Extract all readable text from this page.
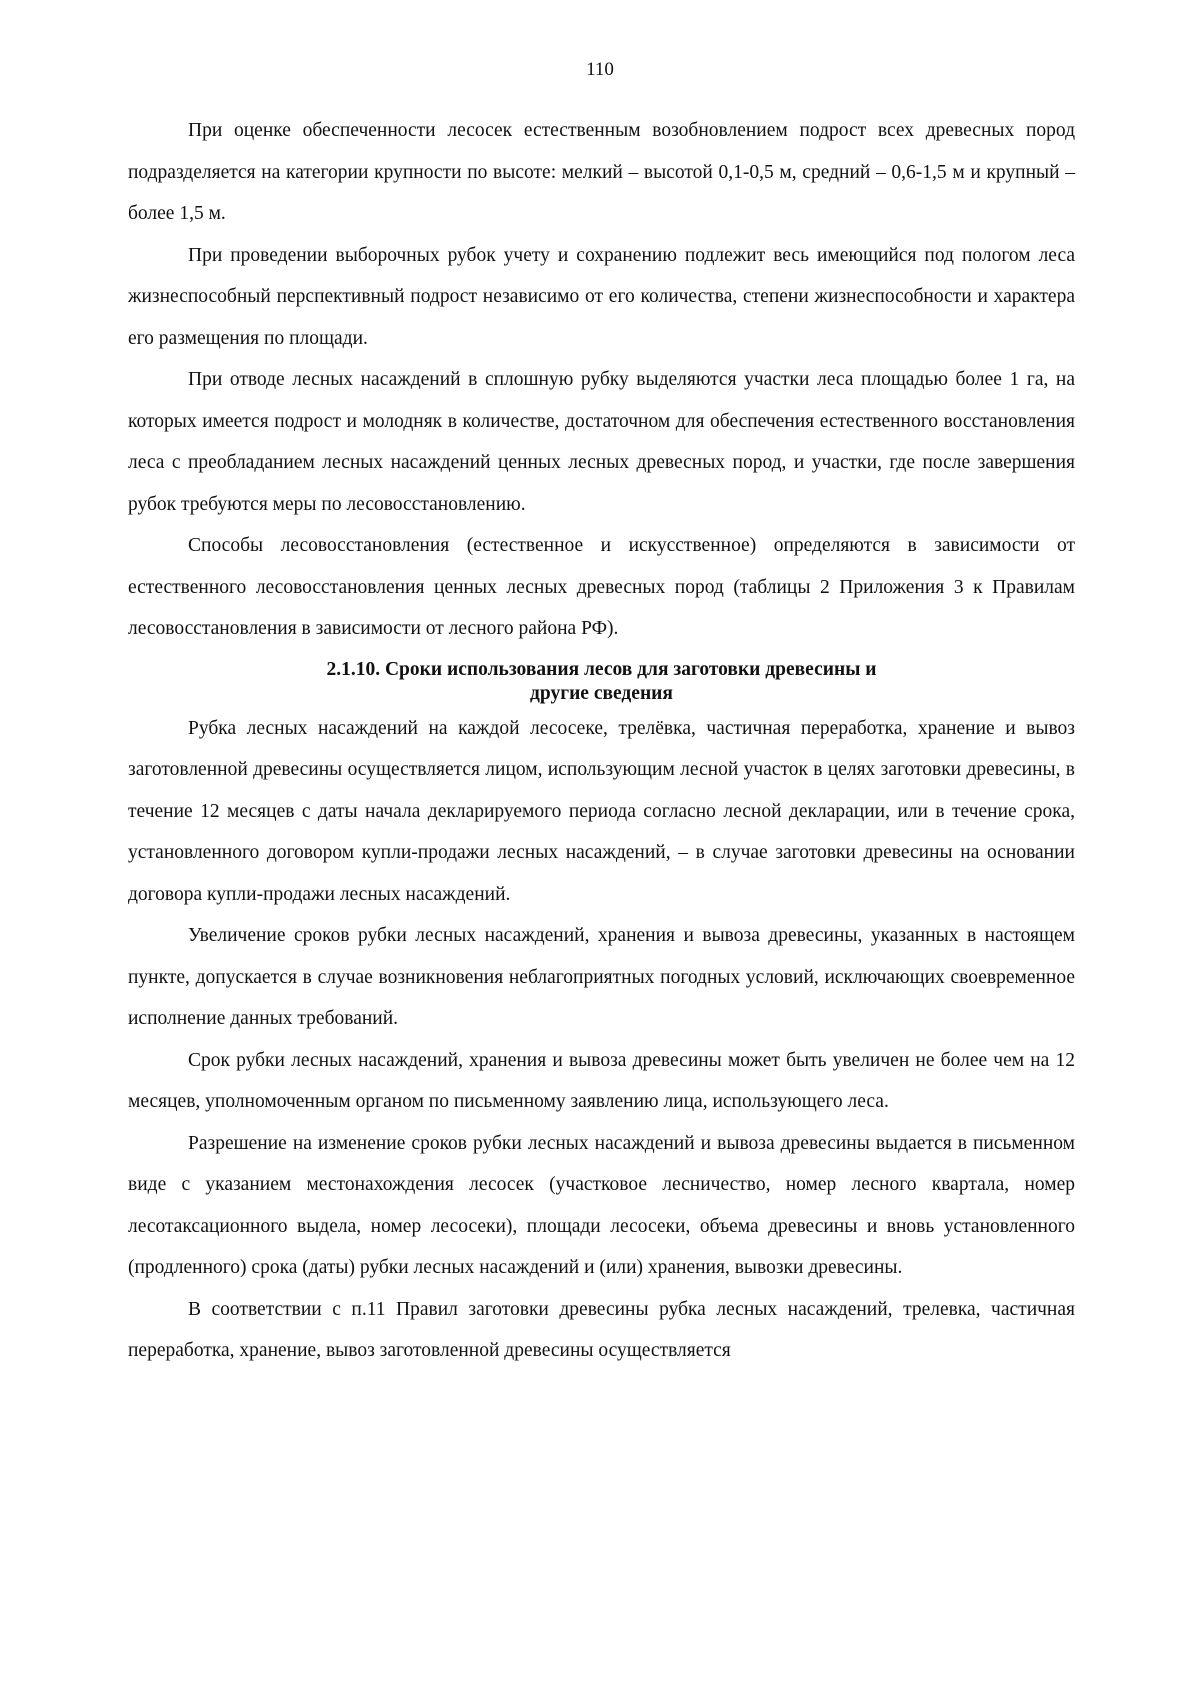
110

При оценке обеспеченности лесосек естественным возобновлением подрост всех древесных пород подразделяется на категории крупности по высоте: мелкий – высотой 0,1-0,5 м, средний – 0,6-1,5 м и крупный – более 1,5 м.

При проведении выборочных рубок учету и сохранению подлежит весь имеющийся под пологом леса жизнеспособный перспективный подрост независимо от его количества, степени жизнеспособности и характера его размещения по площади.

При отводе лесных насаждений в сплошную рубку выделяются участки леса площадью более 1 га, на которых имеется подрост и молодняк в количестве, достаточном для обеспечения естественного восстановления леса с преобладанием лесных насаждений ценных лесных древесных пород, и участки, где после завершения рубок требуются меры по лесовосстановлению.

Способы лесовосстановления (естественное и искусственное) определяются в зависимости от естественного лесовосстановления ценных лесных древесных пород (таблицы 2 Приложения 3 к Правилам лесовосстановления в зависимости от лесного района РФ).

2.1.10. Сроки использования лесов для заготовки древесины и
другие сведения

Рубка лесных насаждений на каждой лесосеке, трелёвка, частичная переработка, хранение и вывоз заготовленной древесины осуществляется лицом, использующим лесной участок в целях заготовки древесины, в течение 12 месяцев с даты начала декларируемого периода согласно лесной декларации, или в течение срока, установленного договором купли-продажи лесных насаждений, – в случае заготовки древесины на основании договора купли-продажи лесных насаждений.

Увеличение сроков рубки лесных насаждений, хранения и вывоза древесины, указанных в настоящем пункте, допускается в случае возникновения неблагоприятных погодных условий, исключающих своевременное исполнение данных требований.

Срок рубки лесных насаждений, хранения и вывоза древесины может быть увеличен не более чем на 12 месяцев, уполномоченным органом по письменному заявлению лица, использующего леса.

Разрешение на изменение сроков рубки лесных насаждений и вывоза древесины выдается в письменном виде с указанием местонахождения лесосек (участковое лесничество, номер лесного квартала, номер лесотаксационного выдела, номер лесосеки), площади лесосеки, объема древесины и вновь установленного (продленного) срока (даты) рубки лесных насаждений и (или) хранения, вывозки древесины.

В соответствии с п.11 Правил заготовки древесины рубка лесных насаждений, трелевка, частичная переработка, хранение, вывоз заготовленной древесины осуществляется
